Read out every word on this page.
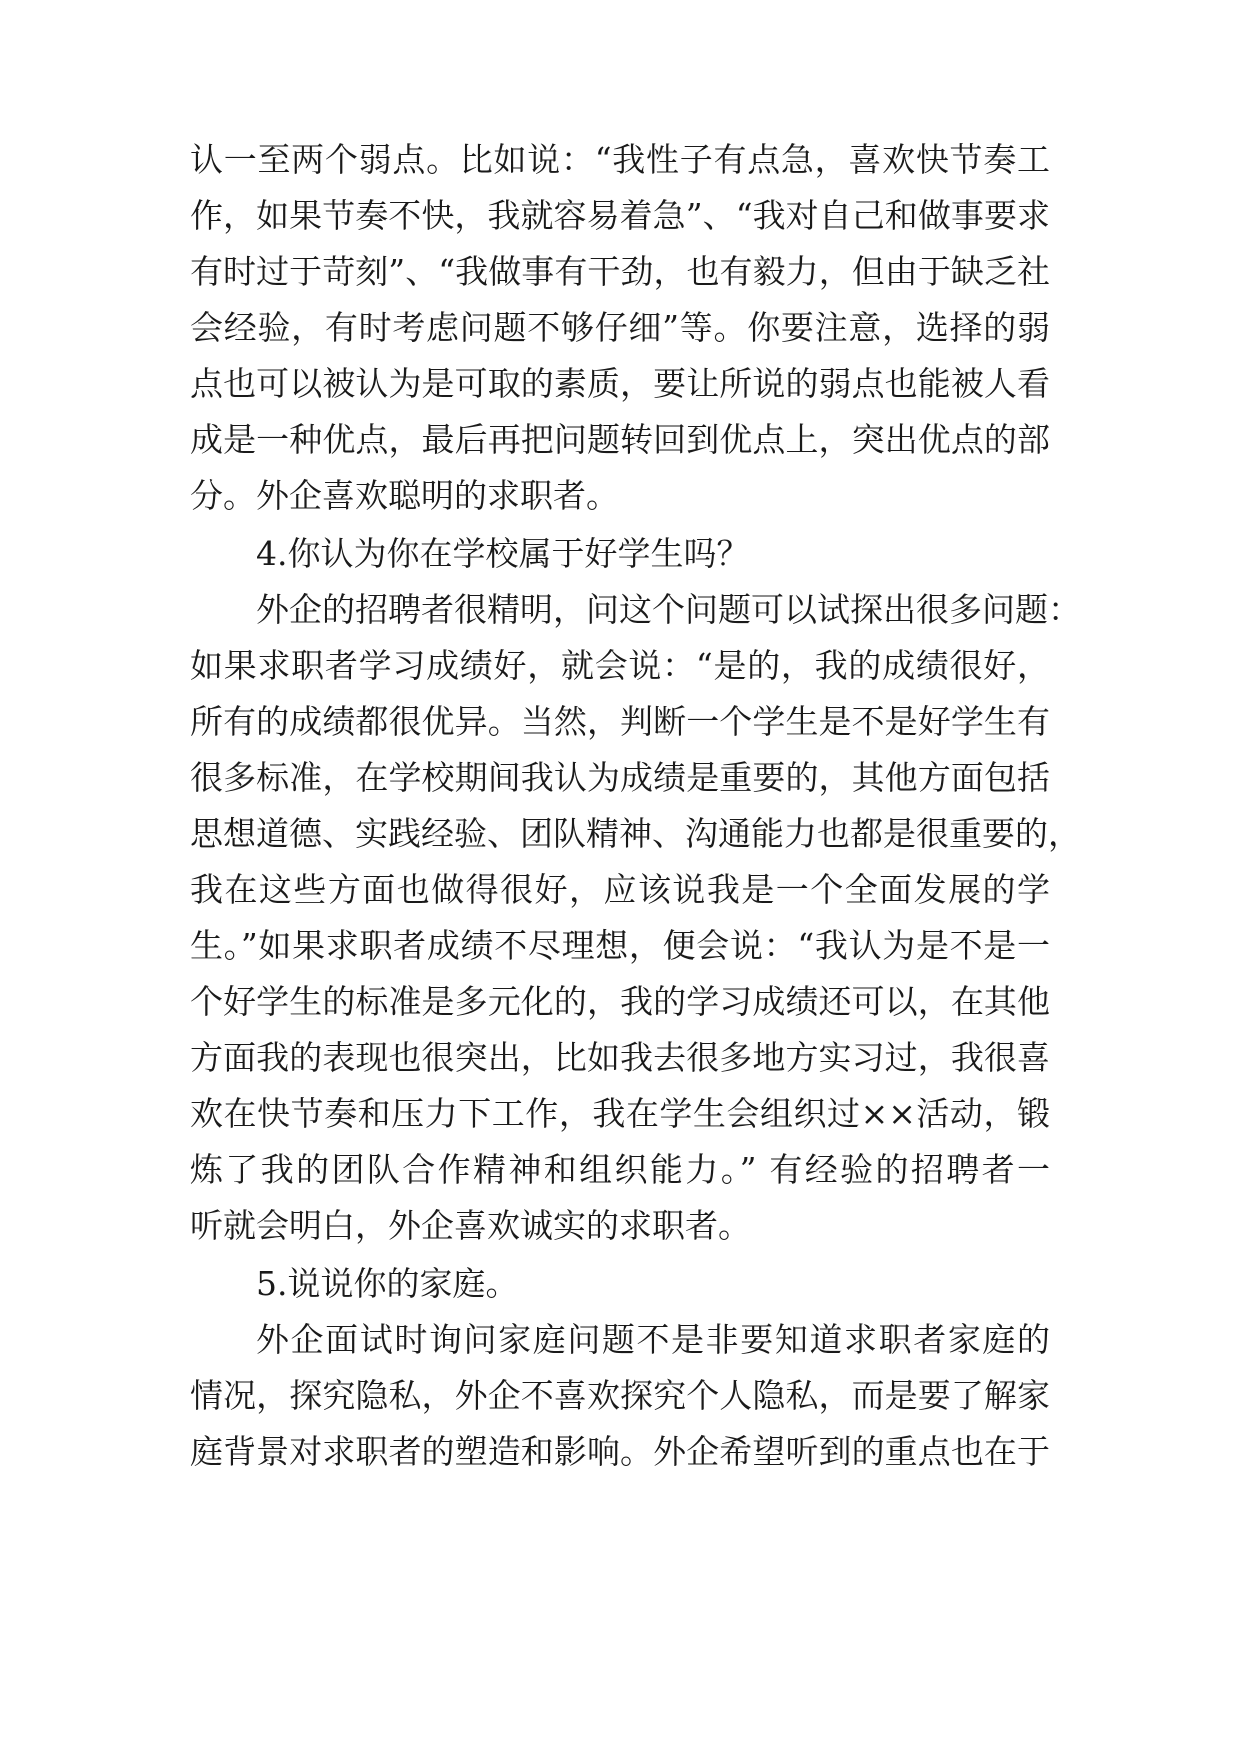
认一至两个弱点。比如说：“我性子有点急，喜欢快节奏工
作，如果节奏不快，我就容易着急”、“我对自己和做事要求
有时过于苛刻”、“我做事有干劲，也有毅力，但由于缺乏社
会经验，有时考虑问题不够仔细”等。你要注意，选择的弱
点也可以被认为是可取的素质，要让所说的弱点也能被人看
成是一种优点，最后再把问题转回到优点上，突出优点的部
分。外企喜欢聪明的求职者。
4.你认为你在学校属于好学生吗？
外企的招聘者很精明，问这个问题可以试探出很多问题：
如果求职者学习成绩好，就会说：“是的，我的成绩很好，
所有的成绩都很优异。当然，判断一个学生是不是好学生有
很多标准，在学校期间我认为成绩是重要的，其他方面包括
思想道德、实践经验、团队精神、沟通能力也都是很重要的，
我在这些方面也做得很好，应该说我是一个全面发展的学
生。”如果求职者成绩不尽理想，便会说：“我认为是不是一
个好学生的标准是多元化的，我的学习成绩还可以，在其他
方面我的表现也很突出，比如我去很多地方实习过，我很喜
欢在快节奏和压力下工作，我在学生会组织过××活动，锻
炼了我的团队合作精神和组织能力。” 有经验的招聘者一
听就会明白，外企喜欢诚实的求职者。
5.说说你的家庭。
外企面试时询问家庭问题不是非要知道求职者家庭的
情况，探究隐私，外企不喜欢探究个人隐私，而是要了解家
庭背景对求职者的塑造和影响。外企希望听到的重点也在于
